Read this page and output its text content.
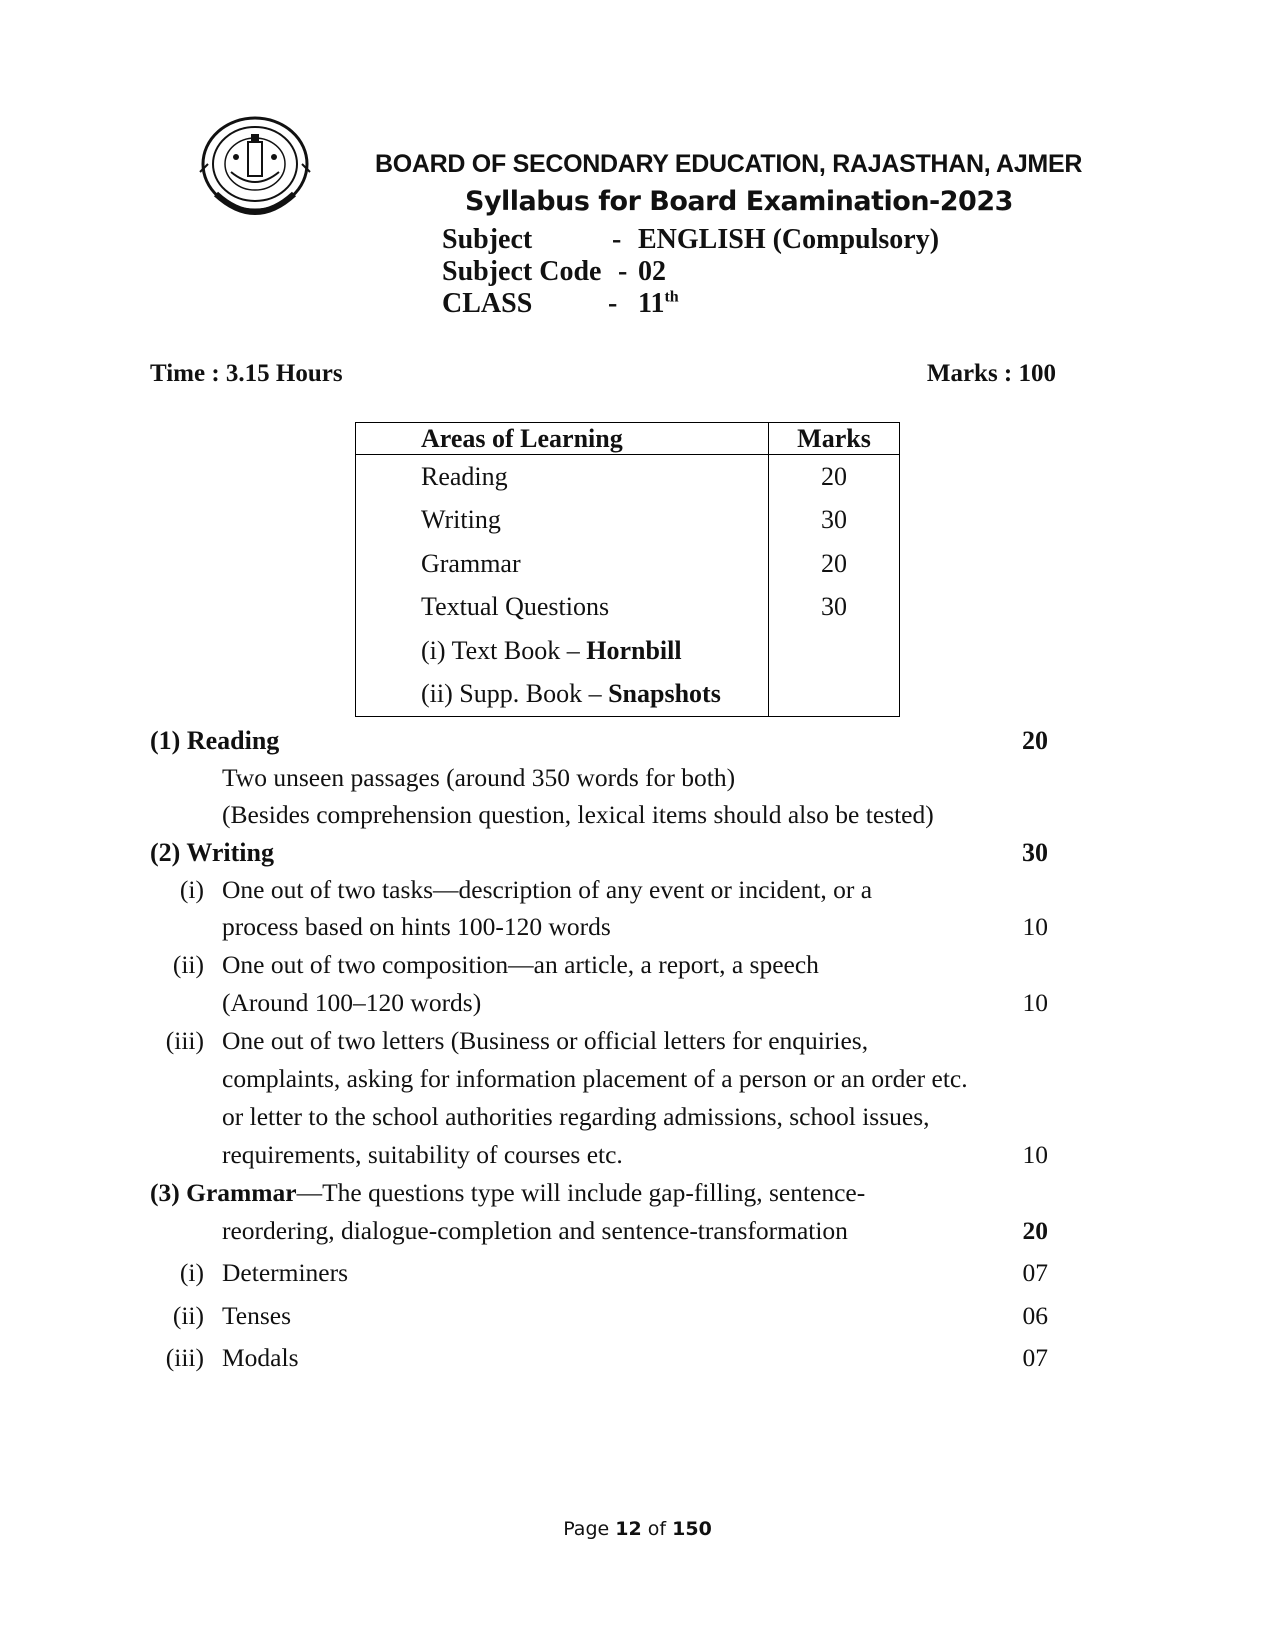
BOARD OF SECONDARY EDUCATION, RAJASTHAN, AJMER
Syllabus for Board Examination-2023
Subject	- ENGLISH (Compulsory)
Subject Code - 02
CLASS	- 11th
Time : 3.15 Hours	Marks : 100
Areas of Learning	Marks
Reading	20
Writing	30
Grammar	20
Textual Questions	30
(i) Text Book – Hornbill	
(ii) Supp. Book – Snapshots	
(1) Reading	20
Two unseen passages (around 350 words for both)
(Besides comprehension question, lexical items should also be tested)
(2) Writing	30
(i) One out of two tasks—description of any event or incident, or a
process based on hints 100-120 words	10
(ii) One out of two composition—an article, a report, a speech
(Around 100–120 words)	10
(iii) One out of two letters (Business or official letters for enquiries,
complaints, asking for information placement of a person or an order etc.
or letter to the school authorities regarding admissions, school issues,
requirements, suitability of courses etc.	10
(3) Grammar—The questions type will include gap-filling, sentence-
reordering, dialogue-completion and sentence-transformation	20
(i) Determiners	07
(ii) Tenses	06
(iii) Modals	07
Page 12 of 150
